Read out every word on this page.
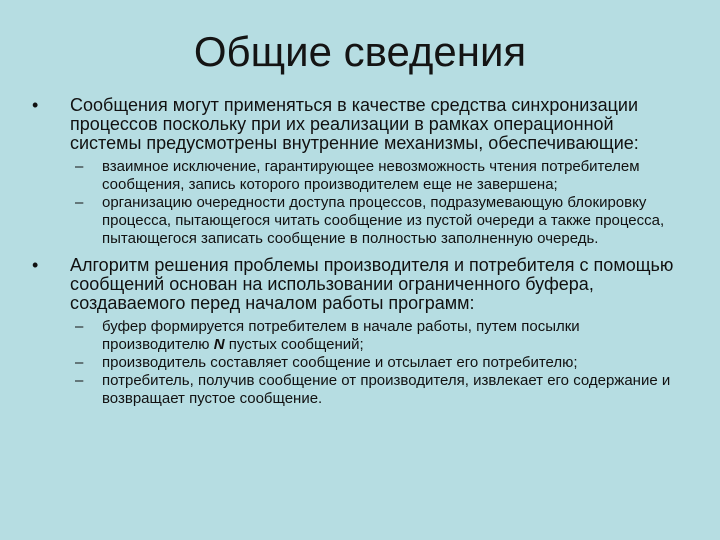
Общие сведения

• Сообщения могут применяться в качестве средства синхронизации процессов поскольку при их реализации в рамках операционной системы предусмотрены внутренние механизмы, обеспечивающие:

– взаимное исключение, гарантирующее невозможность чтения потребителем сообщения, запись которого производителем еще не завершена;

– организацию очередности доступа процессов, подразумевающую блокировку процесса, пытающегося читать сообщение из пустой очереди а также процесса, пытающегося записать сообщение в полностью заполненную очередь.

• Алгоритм решения проблемы производителя и потребителя с помощью сообщений основан на использовании ограниченного буфера, создаваемого перед началом работы программ:

– буфер формируется потребителем в начале работы, путем посылки производителю N пустых сообщений;

– производитель составляет сообщение и отсылает его потребителю;

– потребитель, получив сообщение от производителя, извлекает его содержание и возвращает пустое сообщение.
